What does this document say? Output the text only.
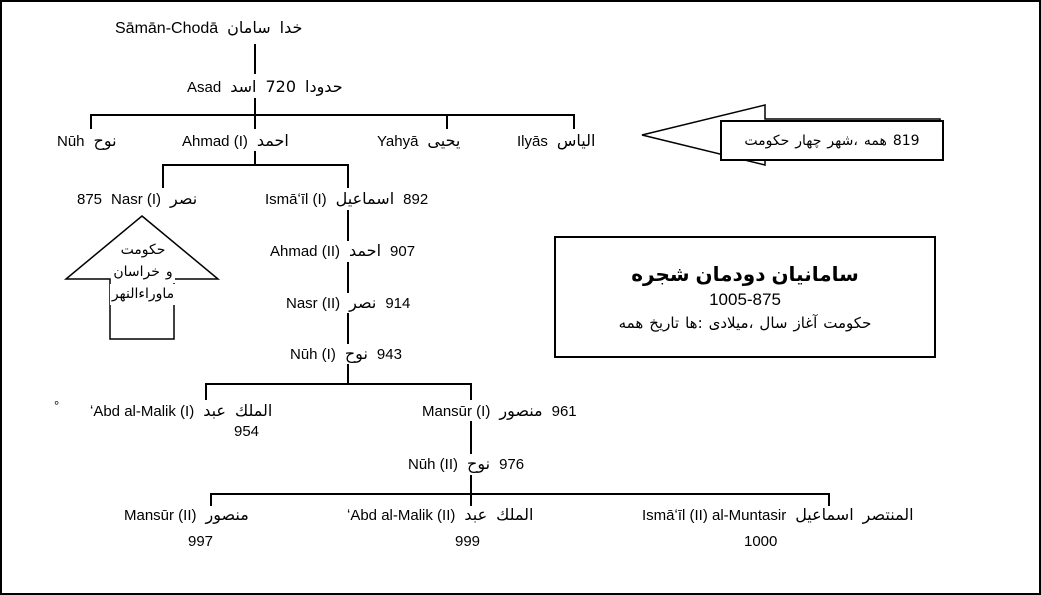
حكومت چهار شهر، همه 819
حكومت
خراسان و
ماوراءالنهر
شجره دودمان سامانيان
1005-875
همه تاريخ ها: ميلادى، سال آغاز حكومت
Sāmān-Chodā سامان خدا
Asad اسد 720 حدودا
Nūh نوح	Ahmad (I) احمد	Yahyā يحيى	Ilyās الياس
875 Nasr (I) نصر	Ismāʻīl (I) اسماعيل 892
Ahmad (II) احمد 907
Nasr (II) نصر 914
Nūh (I) نوح 943
ʻAbd al-Malik (I) عبد الملك
954
Mansūr (I) منصور 961
Nūh (II) نوح 976
Mansūr (II) منصور
997
ʻAbd al-Malik (II) عبد الملك
999
Ismāʻīl (II) al-Muntasir اسماعيل المنتصر
1000
°
